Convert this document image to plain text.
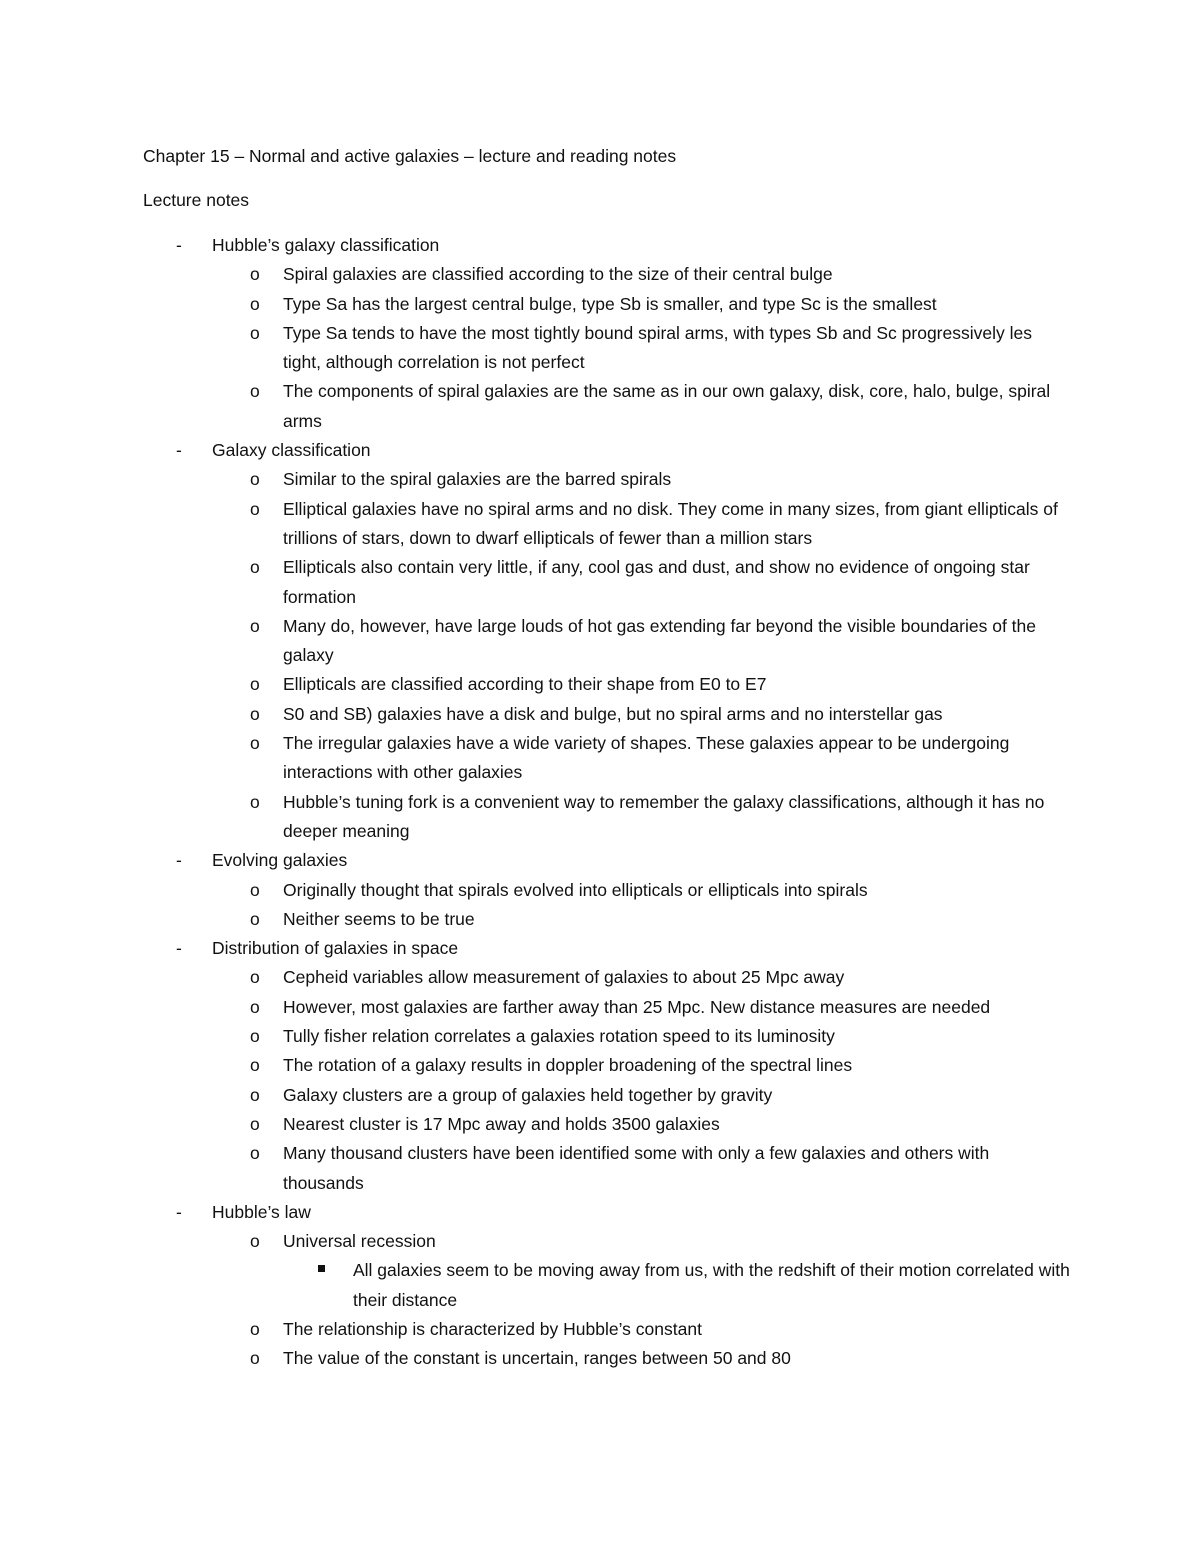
Chapter 15 – Normal and active galaxies – lecture and reading notes
Lecture notes
- Hubble’s galaxy classification
o Spiral galaxies are classified according to the size of their central bulge
o Type Sa has the largest central bulge, type Sb is smaller, and type Sc is the smallest
o Type Sa tends to have the most tightly bound spiral arms, with types Sb and Sc progressively les tight, although correlation is not perfect
o The components of spiral galaxies are the same as in our own galaxy, disk, core, halo, bulge, spiral arms
- Galaxy classification
o Similar to the spiral galaxies are the barred spirals
o Elliptical galaxies have no spiral arms and no disk. They come in many sizes, from giant ellipticals of trillions of stars, down to dwarf ellipticals of fewer than a million stars
o Ellipticals also contain very little, if any, cool gas and dust, and show no evidence of ongoing star formation
o Many do, however, have large louds of hot gas extending far beyond the visible boundaries of the galaxy
o Ellipticals are classified according to their shape from E0 to E7
o S0 and SB) galaxies have a disk and bulge, but no spiral arms and no interstellar gas
o The irregular galaxies have a wide variety of shapes. These galaxies appear to be undergoing interactions with other galaxies
o Hubble’s tuning fork is a convenient way to remember the galaxy classifications, although it has no deeper meaning
- Evolving galaxies
o Originally thought that spirals evolved into ellipticals or ellipticals into spirals
o Neither seems to be true
- Distribution of galaxies in space
o Cepheid variables allow measurement of galaxies to about 25 Mpc away
o However, most galaxies are farther away than 25 Mpc. New distance measures are needed
o Tully fisher relation correlates a galaxies rotation speed to its luminosity
o The rotation of a galaxy results in doppler broadening of the spectral lines
o Galaxy clusters are a group of galaxies held together by gravity
o Nearest cluster is 17 Mpc away and holds 3500 galaxies
o Many thousand clusters have been identified some with only a few galaxies and others with thousands
- Hubble’s law
o Universal recession
All galaxies seem to be moving away from us, with the redshift of their motion correlated with their distance
o The relationship is characterized by Hubble’s constant
o The value of the constant is uncertain, ranges between 50 and 80
